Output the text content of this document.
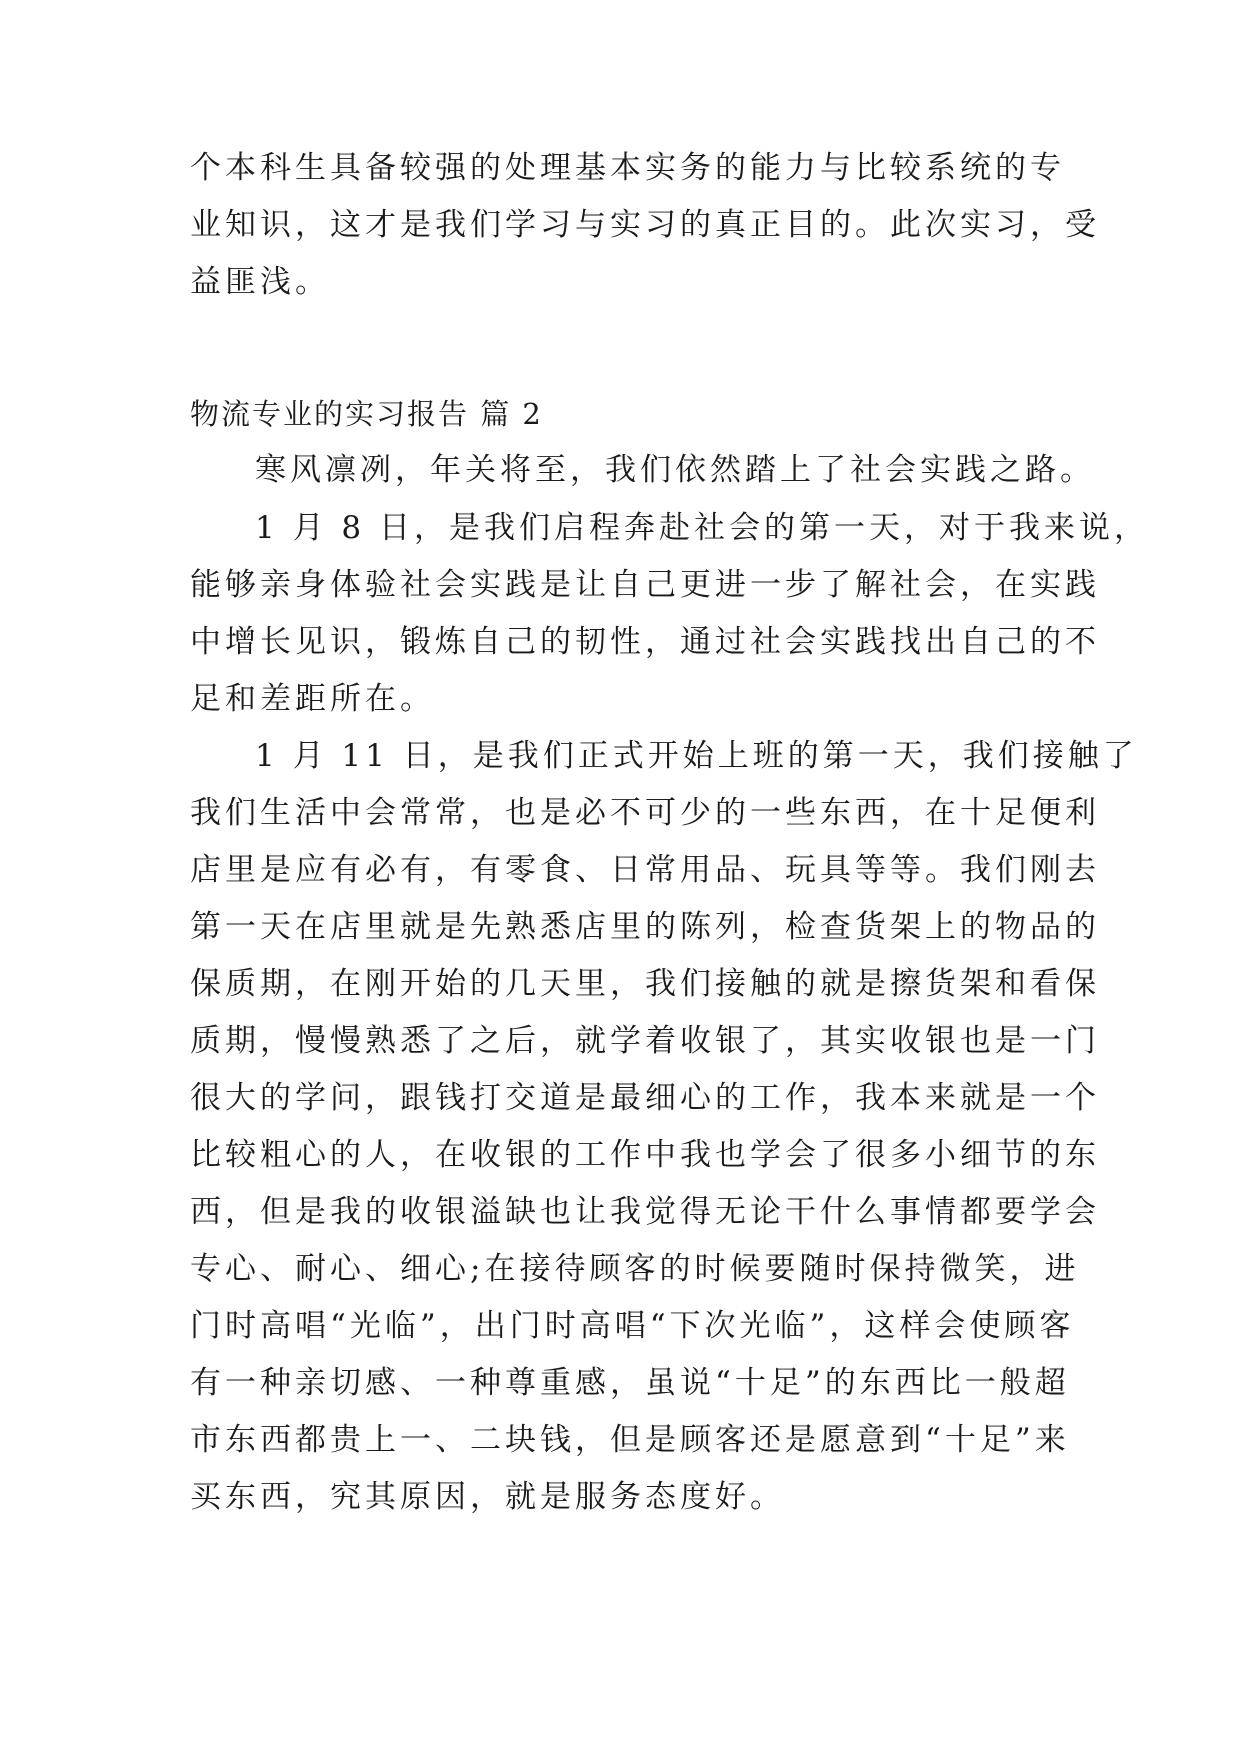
个本科生具备较强的处理基本实务的能力与比较系统的专
业知识，这才是我们学习与实习的真正目的。此次实习，受
益匪浅。
物流专业的实习报告 篇 2
寒风凛冽，年关将至，我们依然踏上了社会实践之路。
1 月 8 日，是我们启程奔赴社会的第一天，对于我来说，
能够亲身体验社会实践是让自己更进一步了解社会，在实践
中增长见识，锻炼自己的韧性，通过社会实践找出自己的不
足和差距所在。
1 月 11 日，是我们正式开始上班的第一天，我们接触了
我们生活中会常常，也是必不可少的一些东西，在十足便利
店里是应有必有，有零食、日常用品、玩具等等。我们刚去
第一天在店里就是先熟悉店里的陈列，检查货架上的物品的
保质期，在刚开始的几天里，我们接触的就是擦货架和看保
质期，慢慢熟悉了之后，就学着收银了，其实收银也是一门
很大的学问，跟钱打交道是最细心的工作，我本来就是一个
比较粗心的人，在收银的工作中我也学会了很多小细节的东
西，但是我的收银溢缺也让我觉得无论干什么事情都要学会
专心、耐心、细心;在接待顾客的时候要随时保持微笑，进
门时高唱“光临”，出门时高唱“下次光临”，这样会使顾客
有一种亲切感、一种尊重感，虽说“十足”的东西比一般超
市东西都贵上一、二块钱，但是顾客还是愿意到“十足”来
买东西，究其原因，就是服务态度好。
